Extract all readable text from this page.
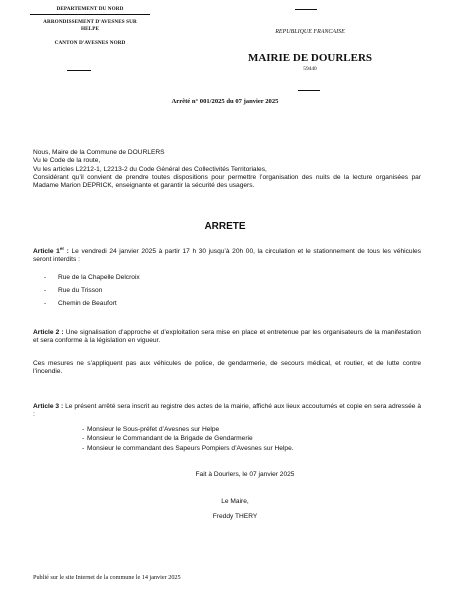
DEPARTEMENT DU NORD
ARRONDISSEMENT D'AVESNES SUR
HELPE
CANTON D'AVESNES NORD
REPUBLIQUE FRANCAISE
MAIRIE DE DOURLERS
59440
Arrêté n° 001/2025 du 07 janvier 2025
Nous, Maire de la Commune de DOURLERS
Vu le Code de la route,
Vu les articles L2212-1, L2213-2 du Code Général des Collectivités Territoriales,
Considérant qu’il convient de prendre toutes dispositions pour permettre l’organisation des nuits de la lecture organisées par Madame Marion DEPRICK, enseignante et garantir la sécurité des usagers.
ARRETE
Article 1er : Le vendredi 24 janvier 2025 à partir 17 h 30 jusqu’à 20h 00, la circulation et le stationnement de tous les véhicules seront interdits :
- Rue de la Chapelle Delcroix
- Rue du Trisson
- Chemin de Beaufort
Article 2 : Une signalisation d’approche et d’exploitation sera mise en place et entretenue par les organisateurs de la manifestation et sera conforme à la législation en vigueur.
Ces mesures ne s’appliquent pas aux véhicules de police, de gendarmerie, de secours médical, et routier, et de lutte contre l’incendie.
Article 3 : Le présent arrêté sera inscrit au registre des actes de la mairie, affiché aux lieux accoutumés et copie en sera adressée à :
- Monsieur le Sous-préfet d’Avesnes sur Helpe
- Monsieur le Commandant de la Brigade de Gendarmerie
- Monsieur le commandant des Sapeurs Pompiers d’Avesnes sur Helpe.
Fait à Dourlers, le 07 janvier 2025
Le Maire,
Freddy THERY
Publié sur le site Internet de la commune le 14 janvier 2025
